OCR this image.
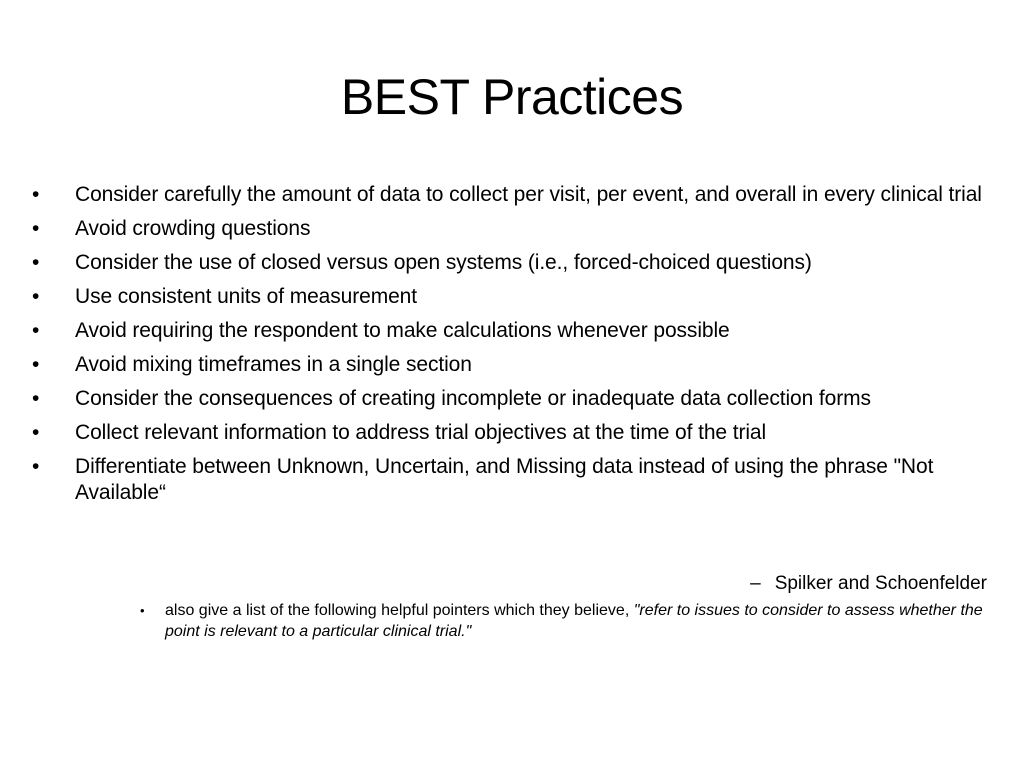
BEST Practices
•	Consider carefully the amount of data to collect per visit, per event, and overall in every clinical trial
•	Avoid crowding questions
•	Consider the use of closed versus open systems (i.e., forced-choiced questions)
•	Use consistent units of measurement
•	Avoid requiring the respondent to make calculations whenever possible
•	Avoid mixing timeframes in a single section
•	Consider the consequences of creating incomplete or inadequate data collection forms
•	Collect relevant information to address trial objectives at the time of the trial
•	Differentiate between Unknown, Uncertain, and Missing data instead of using the phrase "Not Available“
– Spilker and Schoenfelder
• also give a list of the following helpful pointers which they believe, "refer to issues to consider to assess whether the point is relevant to a particular clinical trial."
